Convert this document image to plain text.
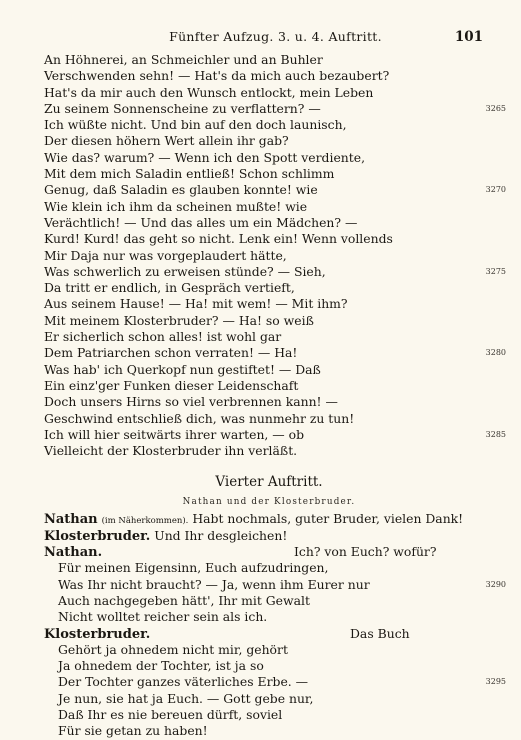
Fünfter Aufzug. 3. u. 4. Auftritt.	101
An Höhnerei, an Schmeichler und an Buhler
Verschwenden sehn! — Hat's da mich auch bezaubert?
Hat's da mir auch den Wunsch entlockt, mein Leben
Zu seinem Sonnenscheine zu verflattern? —	3265
Ich wüßte nicht. Und bin auf den doch launisch,
Der diesen höhern Wert allein ihr gab?
Wie das? warum? — Wenn ich den Spott verdiente,
Mit dem mich Saladin entließ! Schon schlimm
Genug, daß Saladin es glauben konnte! wie	3270
Wie klein ich ihm da scheinen mußte! wie
Verächtlich! — Und das alles um ein Mädchen? —
Kurd! Kurd! das geht so nicht. Lenk ein! Wenn vollends
Mir Daja nur was vorgeplaudert hätte,
Was schwerlich zu erweisen stünde? — Sieh,	3275
Da tritt er endlich, in Gespräch vertieft,
Aus seinem Hause! — Ha! mit wem! — Mit ihm?
Mit meinem Klosterbruder? — Ha! so weiß
Er sicherlich schon alles! ist wohl gar
Dem Patriarchen schon verraten! — Ha!	3280
Was hab' ich Querkopf nun gestiftet! — Daß
Ein einz'ger Funken dieser Leidenschaft
Doch unsers Hirns so viel verbrennen kann! —
Geschwind entschließ dich, was nunmehr zu tun!
Ich will hier seitwärts ihrer warten, — ob	3285
Vielleicht der Klosterbruder ihn verläßt.
Vierter Auftritt.
Nathan und der Klosterbruder.
Nathan (im Näherkommen). Habt nochmals, guter Bruder, vielen Dank!
Klosterbruder. Und Ihr desgleichen!
Nathan.	Ich? von Euch? wofür?
Für meinen Eigensinn, Euch aufzudringen,
Was Ihr nicht braucht? — Ja, wenn ihm Eurer nur	3290
Auch nachgegeben hätt', Ihr mit Gewalt
Nicht wolltet reicher sein als ich.
Klosterbruder.	Das Buch
Gehört ja ohnedem nicht mir, gehört
Ja ohnedem der Tochter, ist ja so
Der Tochter ganzes väterliches Erbe. —	3295
Je nun, sie hat ja Euch. — Gott gebe nur,
Daß Ihr es nie bereuen dürft, soviel
Für sie getan zu haben!
